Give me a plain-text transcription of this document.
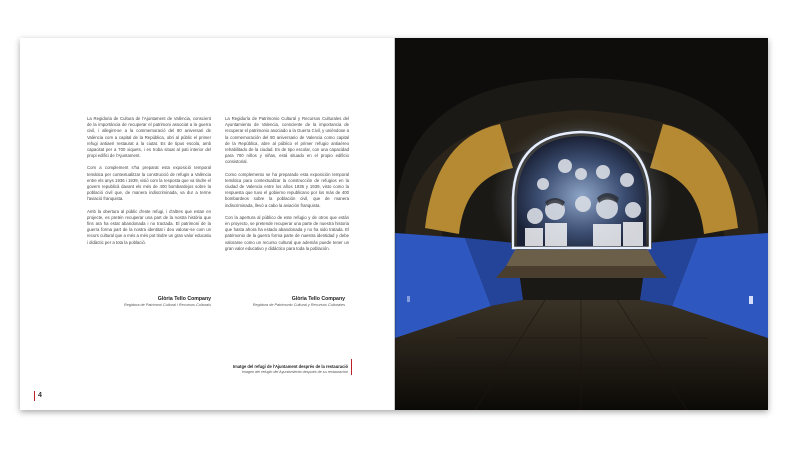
La Regidoria de Cultura de l'Ajuntament de València, conscient de la importància de recuperar el patrimoni associat a la guerra civil, i allegint-se a la commemoració del 80 aniversari de València com a capital de la República, obri al públic el primer refugi antiaeri restaurat a la ciutat. Es de tipus escola, amb capacitat per a 700 xiquets, i es troba situat al pati interior del propi edifici de l'Ajuntament.

Com a complement s'ha preparat esta exposició temporal temàtica per contextualitzar la construcció de refugis a València entre els anys 1936 i 1939, visió com la resposta que va tindre el govern republicà davant els més de 400 bombardejos sobre la població civil que, de manera indiscriminada, va dur a terme l'aviació franquista.

Amb la obertura al públic d'este refugi, i d'altres que estan en projecte, es pretén recuperar una part de la nostra història que fins ara ha estat abandonada i no tractada. El patrimoni de la guerra forma part de la nostra identitat i deu valorar-se com un recurs cultural que a més a més pot tindre un gran valor educatiu i didàctic per a tota la població.

La Regiduría de Patrimonio Cultural y Recursos Culturales del Ayuntamiento de Valencia, consciente de la importancia de recuperar el patrimonio asociado a la Guerra Civil, y uniéndose a la conmemoración del 80 aniversario de Valencia como capital de la República, abre al público el primer refugio antiaéreo rehabilitado de la ciudad. Es de tipo escolar, con una capacidad para 700 niños y niñas, está situado en el propio edificio consistorial.

Como complemento se ha preparado esta exposición temporal temática para contextualizar la construcción de refugios en la ciudad de Valencia entre los años 1936 y 1939, visto como la respuesta que tuvo el gobierno republicano por los más de 400 bombardeos sobre la población civil, que de manera indiscriminada, llevó a cabo la aviación franquista.

Con la apertura al público de este refugio y de otros que están en proyecto, se pretende recuperar una parte de nuestra historia que hasta ahora ha estado abandonada y no ha sido tratada. El patrimonio de la guerra forma parte de nuestra identidad y debe valorarse como un recurso cultural que además puede tener un gran valor educativo y didáctico para toda la población.

Glòria Tello Company
Regidora de Patrimoni Cultural i Recursos Culturals
Glòria Tello Company
Regidora de Patrimonio Cultural y Recursos Culturales
Imatge del refugi de l'Ajuntament després de la restauració
Imagen del refugio del Ayuntamiento después de su restauración
4
